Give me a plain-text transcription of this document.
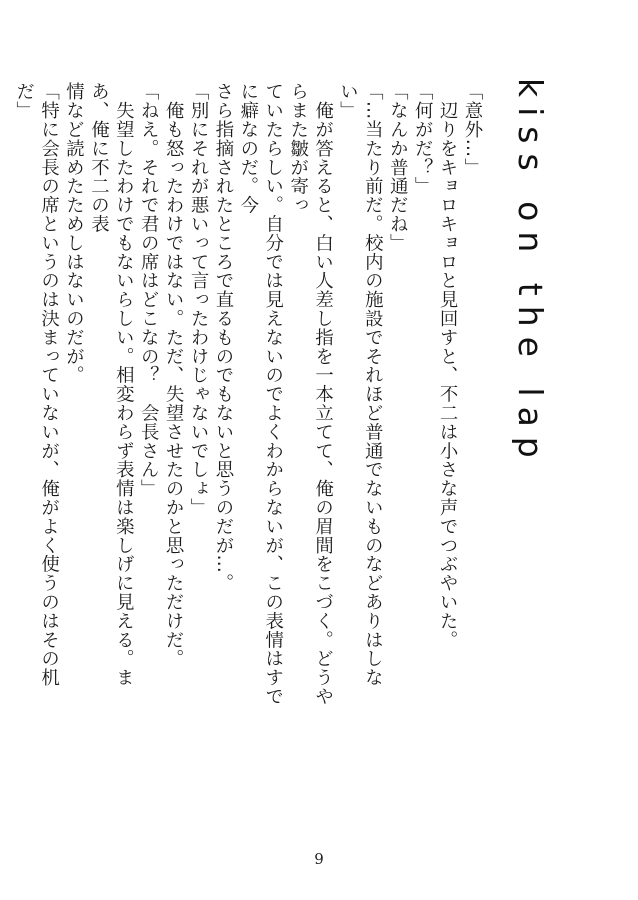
kiss on the lap

「意外…」

　辺りをキョロキョロと見回すと、不二は小さな声でつぶやいた。

「何がだ？」

「なんか普通だね」

「…当たり前だ。校内の施設でそれほど普通でないものなどありはしない」

　俺が答えると、白い人差し指を一本立てて、俺の眉間をこづく。どうやらまた皺が寄っ

ていたらしい。自分では見えないのでよくわからないが、この表情はすでに癖なのだ。今

さら指摘されたところで直るものでもないと思うのだが…。

「別にそれが悪いって言ったわけじゃないでしょ」

　俺も怒ったわけではない。ただ、失望させたのかと思っただけだ。

「ねえ。それで君の席はどこなの？　会長さん」

　失望したわけでもないらしい。相変わらず表情は楽しげに見える。まあ、俺に不二の表

情など読めたためしはないのだが。

「特に会長の席というのは決まっていないが、俺がよく使うのはその机だ」

9
